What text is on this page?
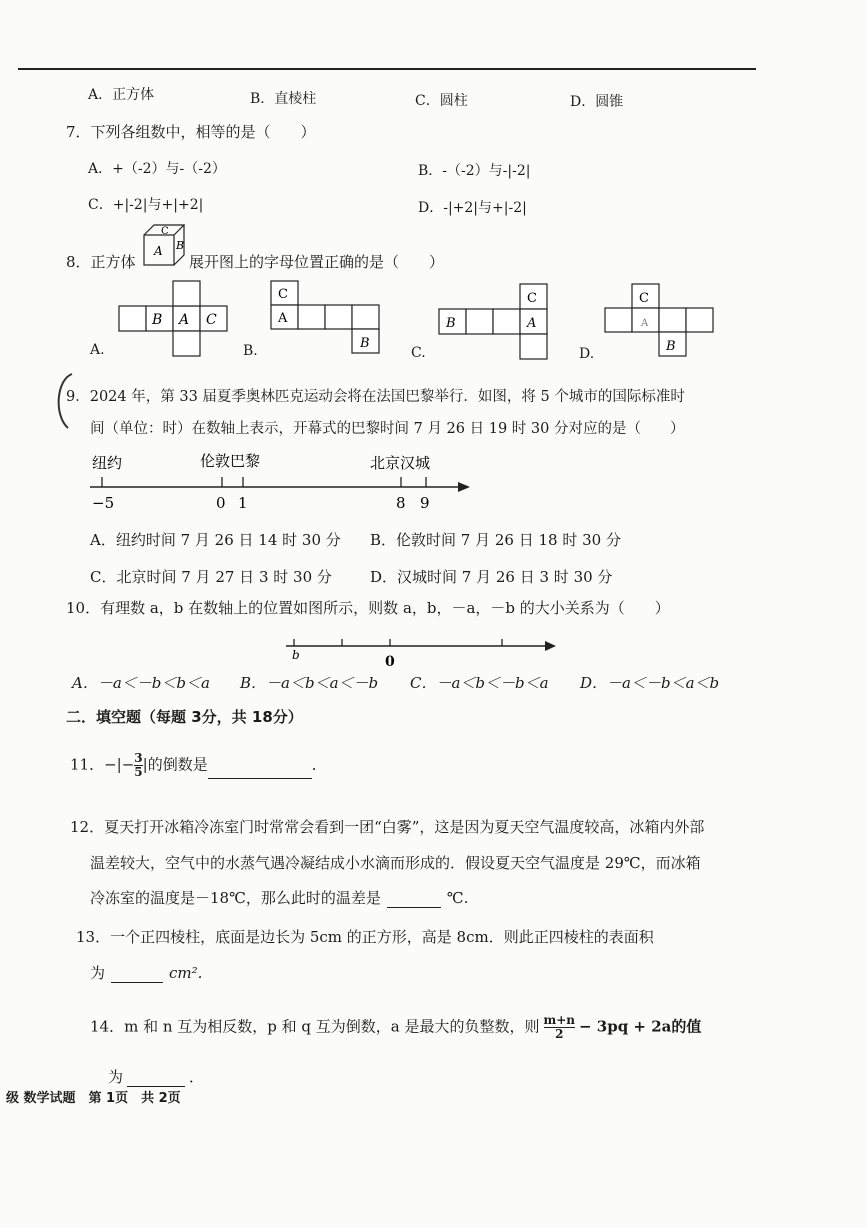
A．正方体	B．直棱柱	C．圆柱	D．圆锥
7．下列各组数中，相等的是（　　）
A．+（-2）与-（-2）	B．-（-2）与-|-2|
C．+|-2|与+|+2|	D．-|+2|与+|-2|
8．正方体
C
A B
展开图上的字母位置正确的是（　　）
B A C
A.
C
A
B
B.
B
C
A
C.
C
A
B
D.
9．2024 年，第 33 届夏季奥林匹克运动会将在法国巴黎举行．如图，将 5 个城市的国际标准时
间（单位：时）在数轴上表示，开幕式的巴黎时间 7 月 26 日 19 时 30 分对应的是（　　）
纽约	伦敦巴黎	北京汉城
−5	0 1	8 9
A．纽约时间 7 月 26 日 14 时 30 分 B．伦敦时间 7 月 26 日 18 时 30 分
C．北京时间 7 月 27 日 3 时 30 分	D．汉城时间 7 月 26 日 3 时 30 分
10．有理数 a，b 在数轴上的位置如图所示，则数 a，b，－a，－b 的大小关系为（　　）
b	0
A．－a＜－b＜b＜a B．－a＜b＜a＜－b C．－a＜b＜－b＜a D．－a＜－b＜a＜b
二．填空题（每题 3分，共 18分）
11．$-|-\frac{3}{5}$ |的倒数是	．
12．夏天打开冰箱冷冻室门时常常会看到一团“白雾”，这是因为夏天空气温度较高，冰箱内外部
温差较大，空气中的水蒸气遇冷凝结成小水滴而形成的．假设夏天空气温度是 29℃，而冰箱
冷冻室的温度是－18℃，那么此时的温差是	℃.
13．一个正四棱柱，底面是边长为 5cm 的正方形，高是 8cm．则此正四棱柱的表面积
为	cm².
14．m 和 n 互为相反数，p 和 q 互为倒数，a 是最大的负整数，则 $\frac{m+n}{2} - 3pq + 2a$的值
为	．
级 数学试题　第 1页　共 2页
